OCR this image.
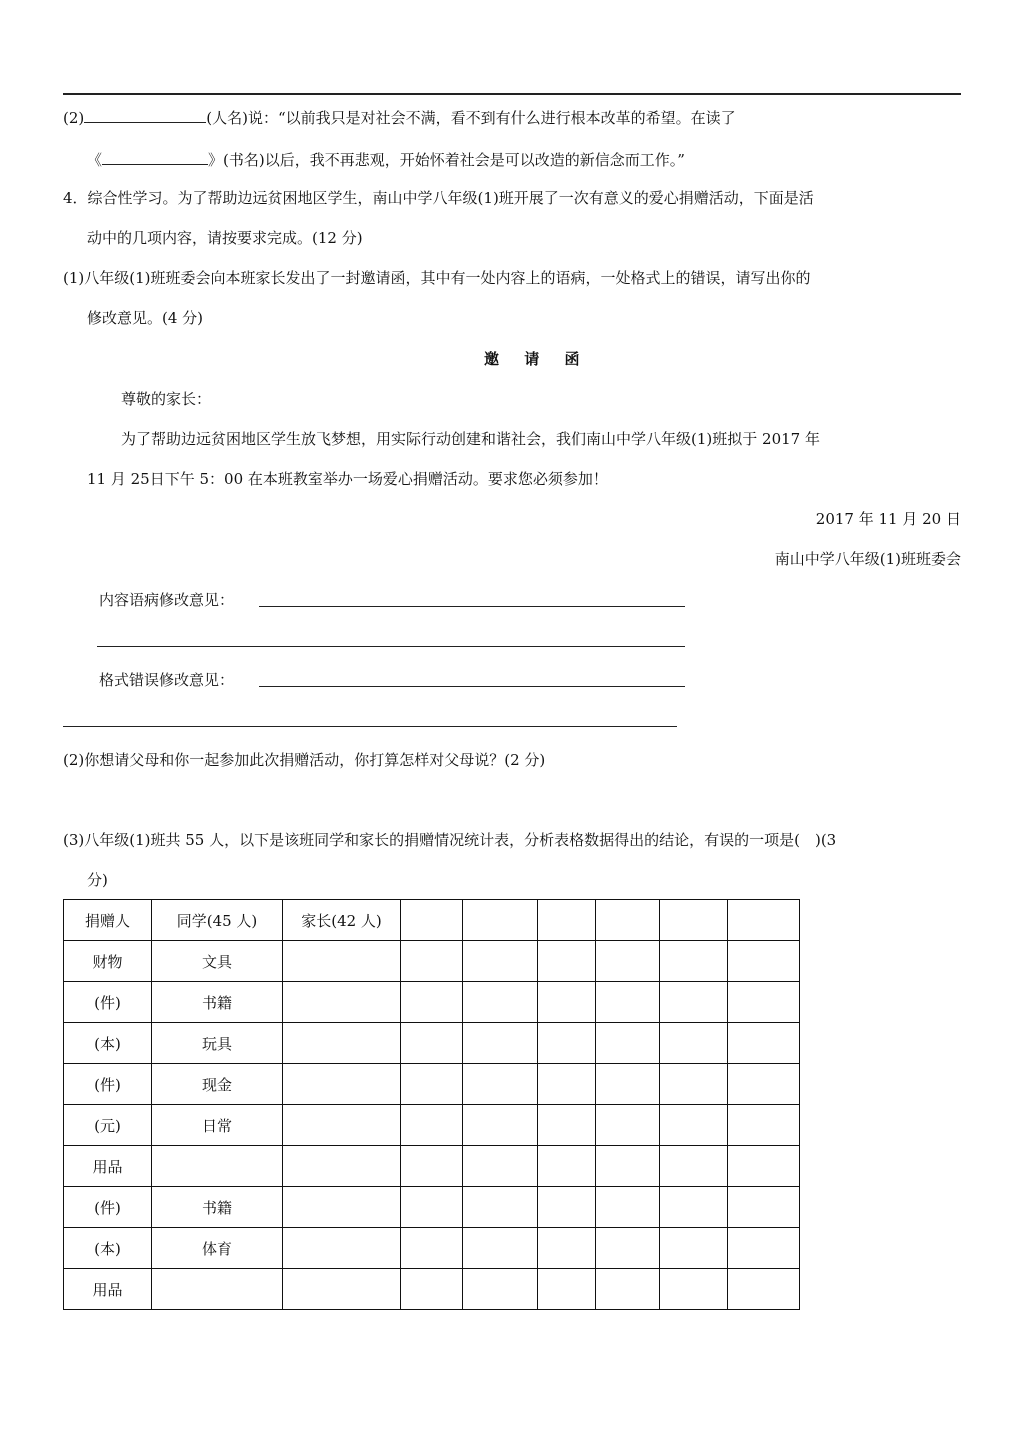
(2)	(人名)说：“以前我只是对社会不满，看不到有什么进行根本改革的希望。在读了
《	》(书名)以后，我不再悲观，开始怀着社会是可以改造的新信念而工作。”
4．综合性学习。为了帮助边远贫困地区学生，南山中学八年级(1)班开展了一次有意义的爱心捐赠活动，下面是活
动中的几项内容，请按要求完成。(12 分)
(1)八年级(1)班班委会向本班家长发出了一封邀请函，其中有一处内容上的语病，一处格式上的错误，请写出你的
修改意见。(4 分)
邀 请 函
尊敬的家长：
为了帮助边远贫困地区学生放飞梦想，用实际行动创建和谐社会，我们南山中学八年级(1)班拟于 2017 年
11 月 25日下午 5：00 在本班教室举办一场爱心捐赠活动。要求您必须参加！
2017 年 11 月 20 日
南山中学八年级(1)班班委会
内容语病修改意见：
格式错误修改意见：
(2)你想请父母和你一起参加此次捐赠活动，你打算怎样对父母说？(2 分)
(3)八年级(1)班共 55 人，以下是该班同学和家长的捐赠情况统计表，分析表格数据得出的结论，有误的一项是(　)(3
分)
捐赠人	同学(45 人)	家长(42 人)						
财物	文具							
(件)	书籍							
(本)	玩具							
(件)	现金							
(元)	日常							
用品								
(件)	书籍							
(本)	体育							
用品								
